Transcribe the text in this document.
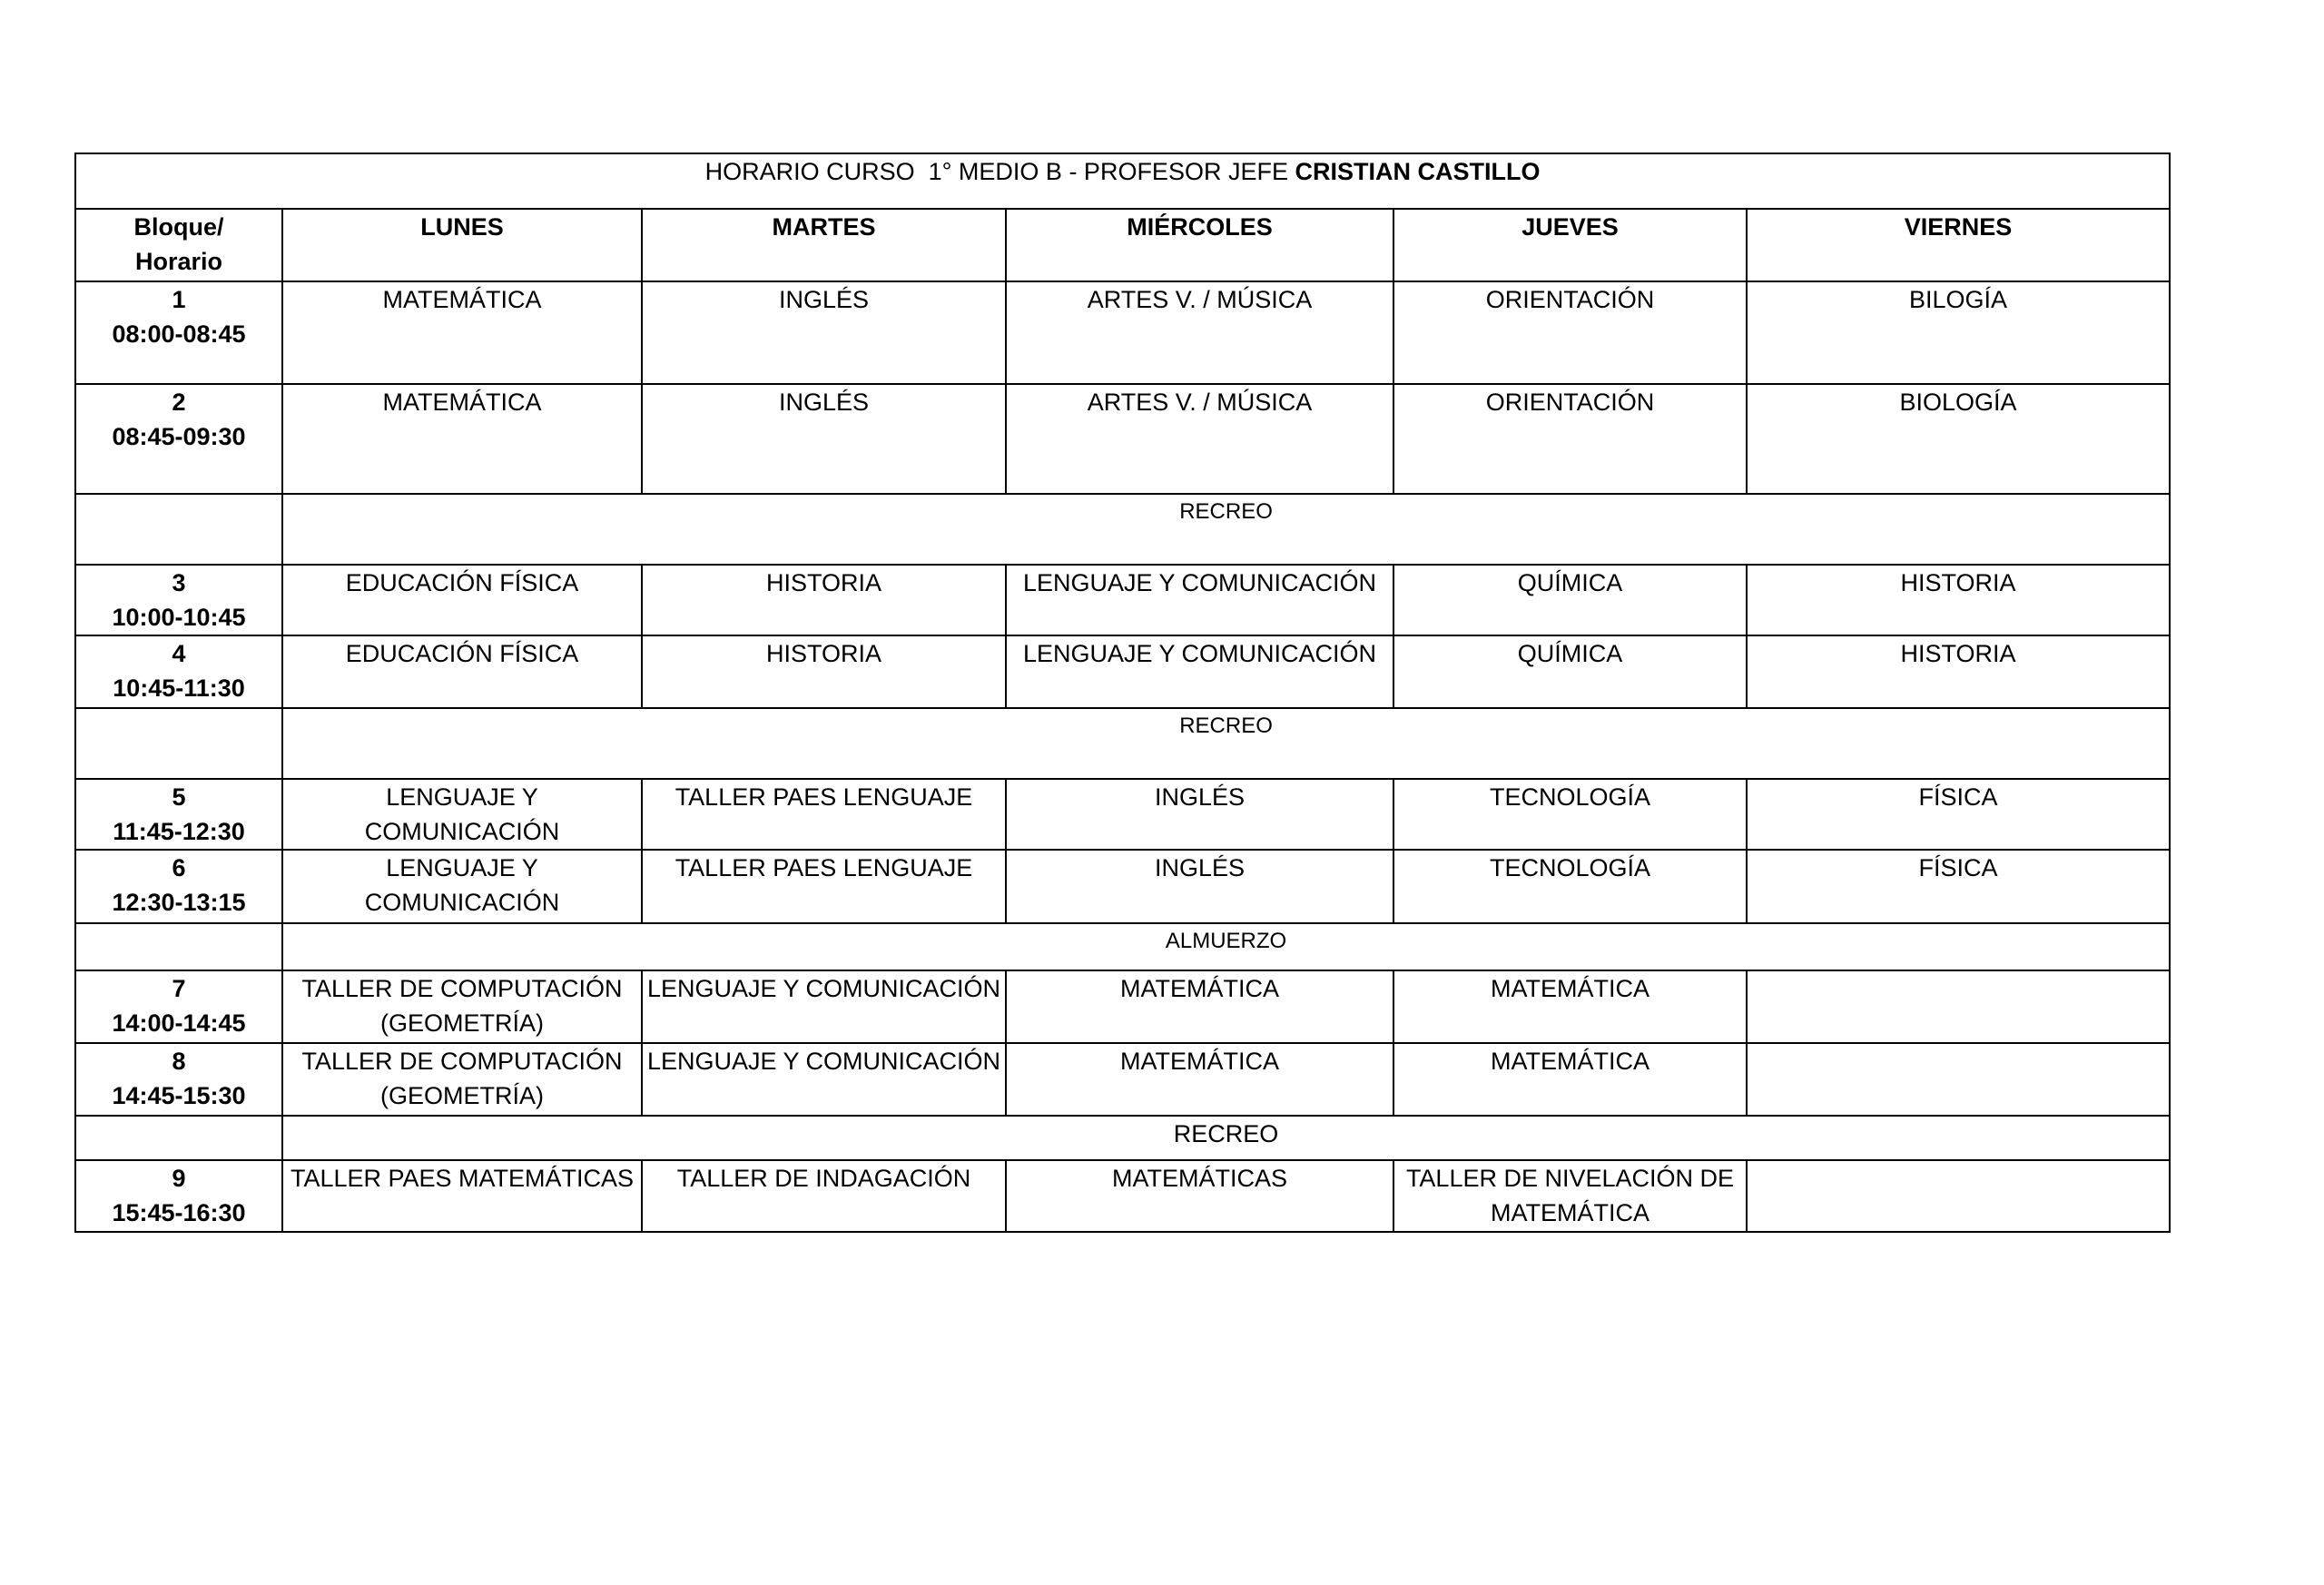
HORARIO CURSO  1° MEDIO B - PROFESOR JEFE CRISTIAN CASTILLO					

Bloque/
Horario	LUNES	MARTES	MIÉRCOLES	JUEVES	VIERNES

1
08:00-08:45	MATEMÁTICA	INGLÉS	ARTES V. / MÚSICA	ORIENTACIÓN	BILOGÍA

2
08:45-09:30	MATEMÁTICA	INGLÉS	ARTES V. / MÚSICA	ORIENTACIÓN	BIOLOGÍA
	RECREO				

3
10:00-10:45	EDUCACIÓN FÍSICA	HISTORIA	LENGUAJE Y COMUNICACIÓN	QUÍMICA	HISTORIA

4
10:45-11:30	EDUCACIÓN FÍSICA	HISTORIA	LENGUAJE Y COMUNICACIÓN	QUÍMICA	HISTORIA
	RECREO				

5
11:45-12:30	LENGUAJE Y COMUNICACIÓN	TALLER PAES LENGUAJE	INGLÉS	TECNOLOGÍA	FÍSICA

6
12:30-13:15	LENGUAJE Y COMUNICACIÓN	TALLER PAES LENGUAJE	INGLÉS	TECNOLOGÍA	FÍSICA
	ALMUERZO				

7
14:00-14:45	TALLER DE COMPUTACIÓN (GEOMETRÍA)	LENGUAJE Y COMUNICACIÓN	MATEMÁTICA	MATEMÁTICA	

8
14:45-15:30	TALLER DE COMPUTACIÓN (GEOMETRÍA)	LENGUAJE Y COMUNICACIÓN	MATEMÁTICA	MATEMÁTICA	
	RECREO				

9
15:45-16:30	TALLER PAES MATEMÁTICAS	TALLER DE INDAGACIÓN	MATEMÁTICAS	TALLER DE NIVELACIÓN DE MATEMÁTICA	
